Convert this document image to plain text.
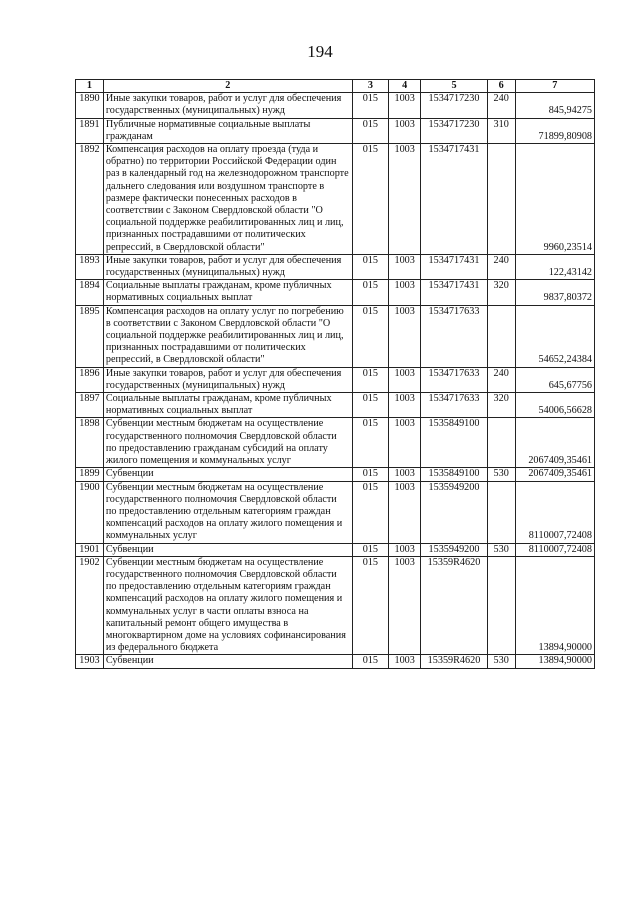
194
1	2	3	4	5	6	7
1890	Иные закупки товаров, работ и услуг для обеспечения государственных (муниципальных) нужд	015	1003	1534717230	240	845,94275
1891	Публичные нормативные социальные выплаты гражданам	015	1003	1534717230	310	71899,80908
1892	Компенсация расходов на оплату проезда (туда и обратно) по территории Российской Федерации один раз в календарный год на железнодорожном транспорте дальнего следования или воздушном транспорте в размере фактически понесенных расходов в соответствии с Законом Свердловской области "О социальной поддержке реабилитированных лиц и лиц, признанных пострадавшими от политических репрессий, в Свердловской области"	015	1003	1534717431		9960,23514
1893	Иные закупки товаров, работ и услуг для обеспечения государственных (муниципальных) нужд	015	1003	1534717431	240	122,43142
1894	Социальные выплаты гражданам, кроме публичных нормативных социальных выплат	015	1003	1534717431	320	9837,80372
1895	Компенсация расходов на оплату услуг по погребению в соответствии с Законом Свердловской области "О социальной поддержке реабилитированных лиц и лиц, признанных пострадавшими от политических репрессий, в Свердловской области"	015	1003	1534717633		54652,24384
1896	Иные закупки товаров, работ и услуг для обеспечения государственных (муниципальных) нужд	015	1003	1534717633	240	645,67756
1897	Социальные выплаты гражданам, кроме публичных нормативных социальных выплат	015	1003	1534717633	320	54006,56628
1898	Субвенции местным бюджетам на осуществление государственного полномочия Свердловской области по предоставлению гражданам субсидий на оплату жилого помещения и коммунальных услуг	015	1003	1535849100		2067409,35461
1899	Субвенции	015	1003	1535849100	530	2067409,35461
1900	Субвенции местным бюджетам на осуществление государственного полномочия Свердловской области по предоставлению отдельным категориям граждан компенсаций расходов на оплату жилого помещения и коммунальных услуг	015	1003	1535949200		8110007,72408
1901	Субвенции	015	1003	1535949200	530	8110007,72408
1902	Субвенции местным бюджетам на осуществление государственного полномочия Свердловской области по предоставлению отдельным категориям граждан компенсаций расходов на оплату жилого помещения и коммунальных услуг в части оплаты взноса на капитальный ремонт общего имущества в многоквартирном доме на условиях софинансирования из федерального бюджета	015	1003	15359R4620		13894,90000
1903	Субвенции	015	1003	15359R4620	530	13894,90000
